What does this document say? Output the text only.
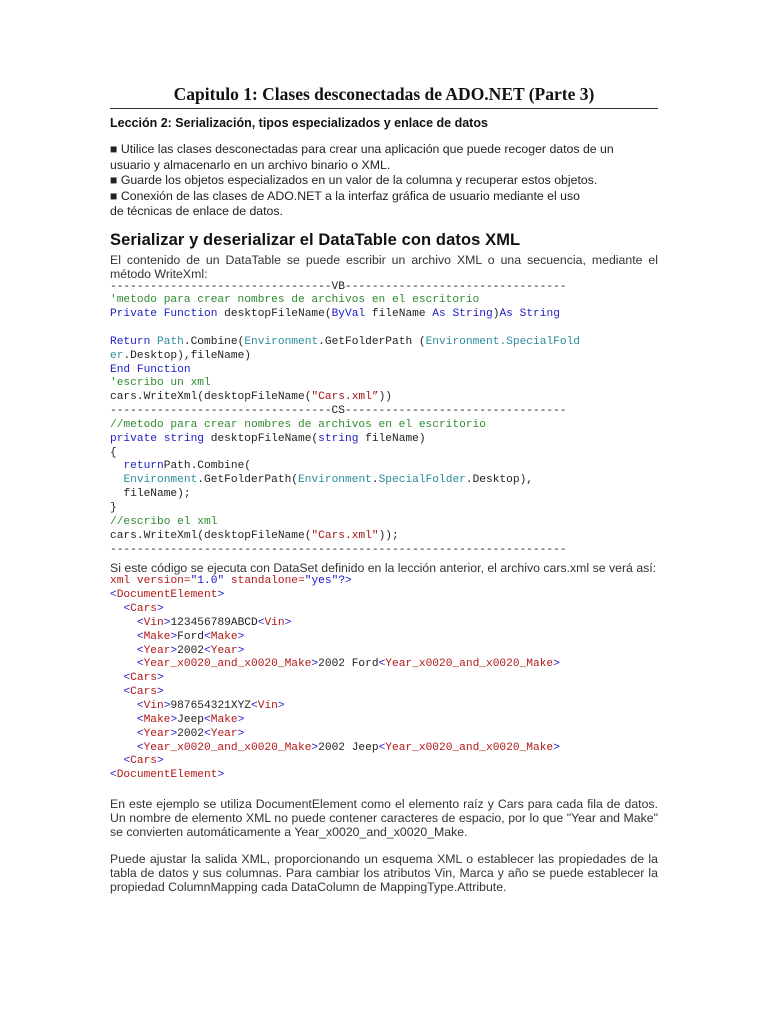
Capitulo 1: Clases desconectadas de ADO.NET (Parte 3)
Lección 2: Serialización, tipos especializados y enlace de datos
■ Utilice las clases desconectadas para crear una aplicación que puede recoger datos de un
usuario y almacenarlo en un archivo binario o XML.
■ Guarde los objetos especializados en un valor de la columna y recuperar estos objetos.
■ Conexión de las clases de ADO.NET a la interfaz gráfica de usuario mediante el uso
de técnicas de enlace de datos.
Serializar y deserializar el DataTable con datos XML
El contenido de un DataTable se puede escribir un archivo XML o una secuencia, mediante el método WriteXml:
---------------------------------VB---------------------------------
'metodo para crear nombres de archivos en el escritorio
Private Function desktopFileName(ByVal fileName As String)As String

Return Path.Combine(Environment.GetFolderPath (Environment.SpecialFold
er.Desktop),fileName)
End Function
'escribo un xml
cars.WriteXml(desktopFileName("Cars.xml”))
---------------------------------CS---------------------------------
//metodo para crear nombres de archivos en el escritorio
private string desktopFileName(string fileName)
{
returnPath.Combine(
Environment.GetFolderPath(Environment.SpecialFolder.Desktop),
fileName);
}
//escribo el xml
cars.WriteXml(desktopFileName("Cars.xml"));
--------------------------------------------------------------------
Si este código se ejecuta con DataSet definido en la lección anterior, el archivo cars.xml se verá así:
xml version="1.0" standalone="yes"?>
<DocumentElement>
<Cars>
<Vin>123456789ABCD<Vin>
<Make>Ford<Make>
<Year>2002<Year>
<Year_x0020_and_x0020_Make>2002 Ford<Year_x0020_and_x0020_Make>
<Cars>
<Cars>
<Vin>987654321XYZ<Vin>
<Make>Jeep<Make>
<Year>2002<Year>
<Year_x0020_and_x0020_Make>2002 Jeep<Year_x0020_and_x0020_Make>
<Cars>
<DocumentElement>
En este ejemplo se utiliza DocumentElement como el elemento raíz y Cars para cada fila de datos. Un nombre de elemento XML no puede contener caracteres de espacio, por lo que "Year and Make" se convierten automáticamente a Year_x0020_and_x0020_Make.
Puede ajustar la salida XML, proporcionando un esquema XML o establecer las propiedades de la tabla de datos y sus columnas. Para cambiar los atributos Vin, Marca y año se puede establecer la propiedad ColumnMapping cada DataColumn de MappingType.Attribute.
